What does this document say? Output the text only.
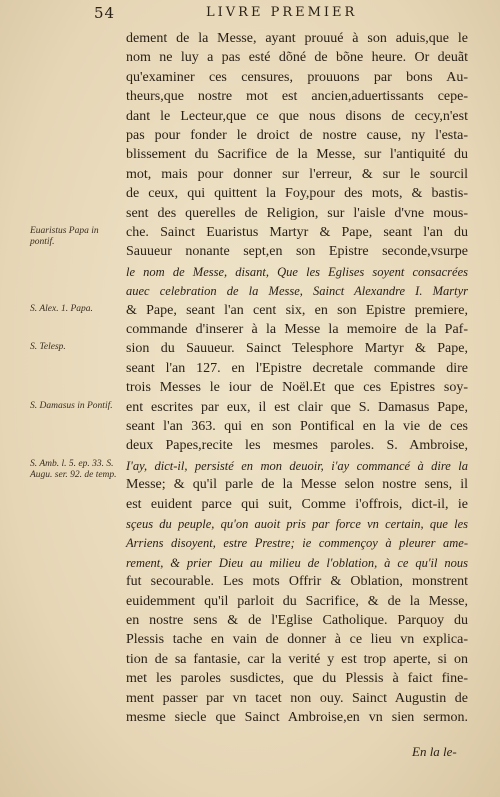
54	LIVRE PREMIER
Euaristus Papa in pontif.
S. Alex. 1. Papa.
S. Telesp.
S. Damasus in Pontif.
S. Amb. l. 5. ep. 33. S. Augu. ser. 92. de temp.
dement de la Messe, ayant prouué à son aduis,que le
nom ne luy a pas esté dõné de bõne heure. Or deuãt
qu'examiner ces censures, prouuons par bons Au-
theurs,que nostre mot est ancien,aduertissants cepe-
dant le Lecteur,que ce que nous disons de cecy,n'est
pas pour fonder le droict de nostre cause, ny l'esta-
blissement du Sacrifice de la Messe, sur l'antiquité du
mot, mais pour donner sur l'erreur, & sur le sourcil
de ceux, qui quittent la Foy,pour des mots, & bastis-
sent des querelles de Religion, sur l'aisle d'vne mous-
che. Sainct Euaristus Martyr & Pape, seant l'an du
Sauueur nonante sept,en son Epistre seconde,vsurpe
le nom de Messe, disant, Que les Eglises soyent consacrées
auec celebration de la Messe, Sainct Alexandre I. Martyr
& Pape, seant l'an cent six, en son Epistre premiere,
commande d'inserer à la Messe la memoire de la Paf-
sion du Sauueur. Sainct Telesphore Martyr & Pape,
seant l'an 127. en l'Epistre decretale commande dire
trois Messes le iour de Noël.Et que ces Epistres soy-
ent escrites par eux, il est clair que S. Damasus Pape,
seant l'an 363. qui en son Pontifical en la vie de ces
deux Papes,recite les mesmes paroles. S. Ambroise,
I'ay, dict-il, persisté en mon deuoir, i'ay commancé à dire la
Messe; & qu'il parle de la Messe selon nostre sens, il
est euident parce qui suit, Comme i'offrois, dict-il, ie
sçeus du peuple, qu'on auoit pris par force vn certain, que les
Arriens disoyent, estre Prestre; ie commençoy à pleurer ame-
rement, & prier Dieu au milieu de l'oblation, à ce qu'il nous
fut secourable. Les mots Offrir & Oblation, monstrent
euidemment qu'il parloit du Sacrifice, & de la Messe,
en nostre sens & de l'Eglise Catholique. Parquoy du
Plessis tache en vain de donner à ce lieu vn explica-
tion de sa fantasie, car la verité y est trop aperte, si on
met les paroles susdictes, que du Plessis à faict fine-
ment passer par vn tacet non ouy. Sainct Augustin de
mesme siecle que Sainct Ambroise,en vn sien sermon.
En la le-
